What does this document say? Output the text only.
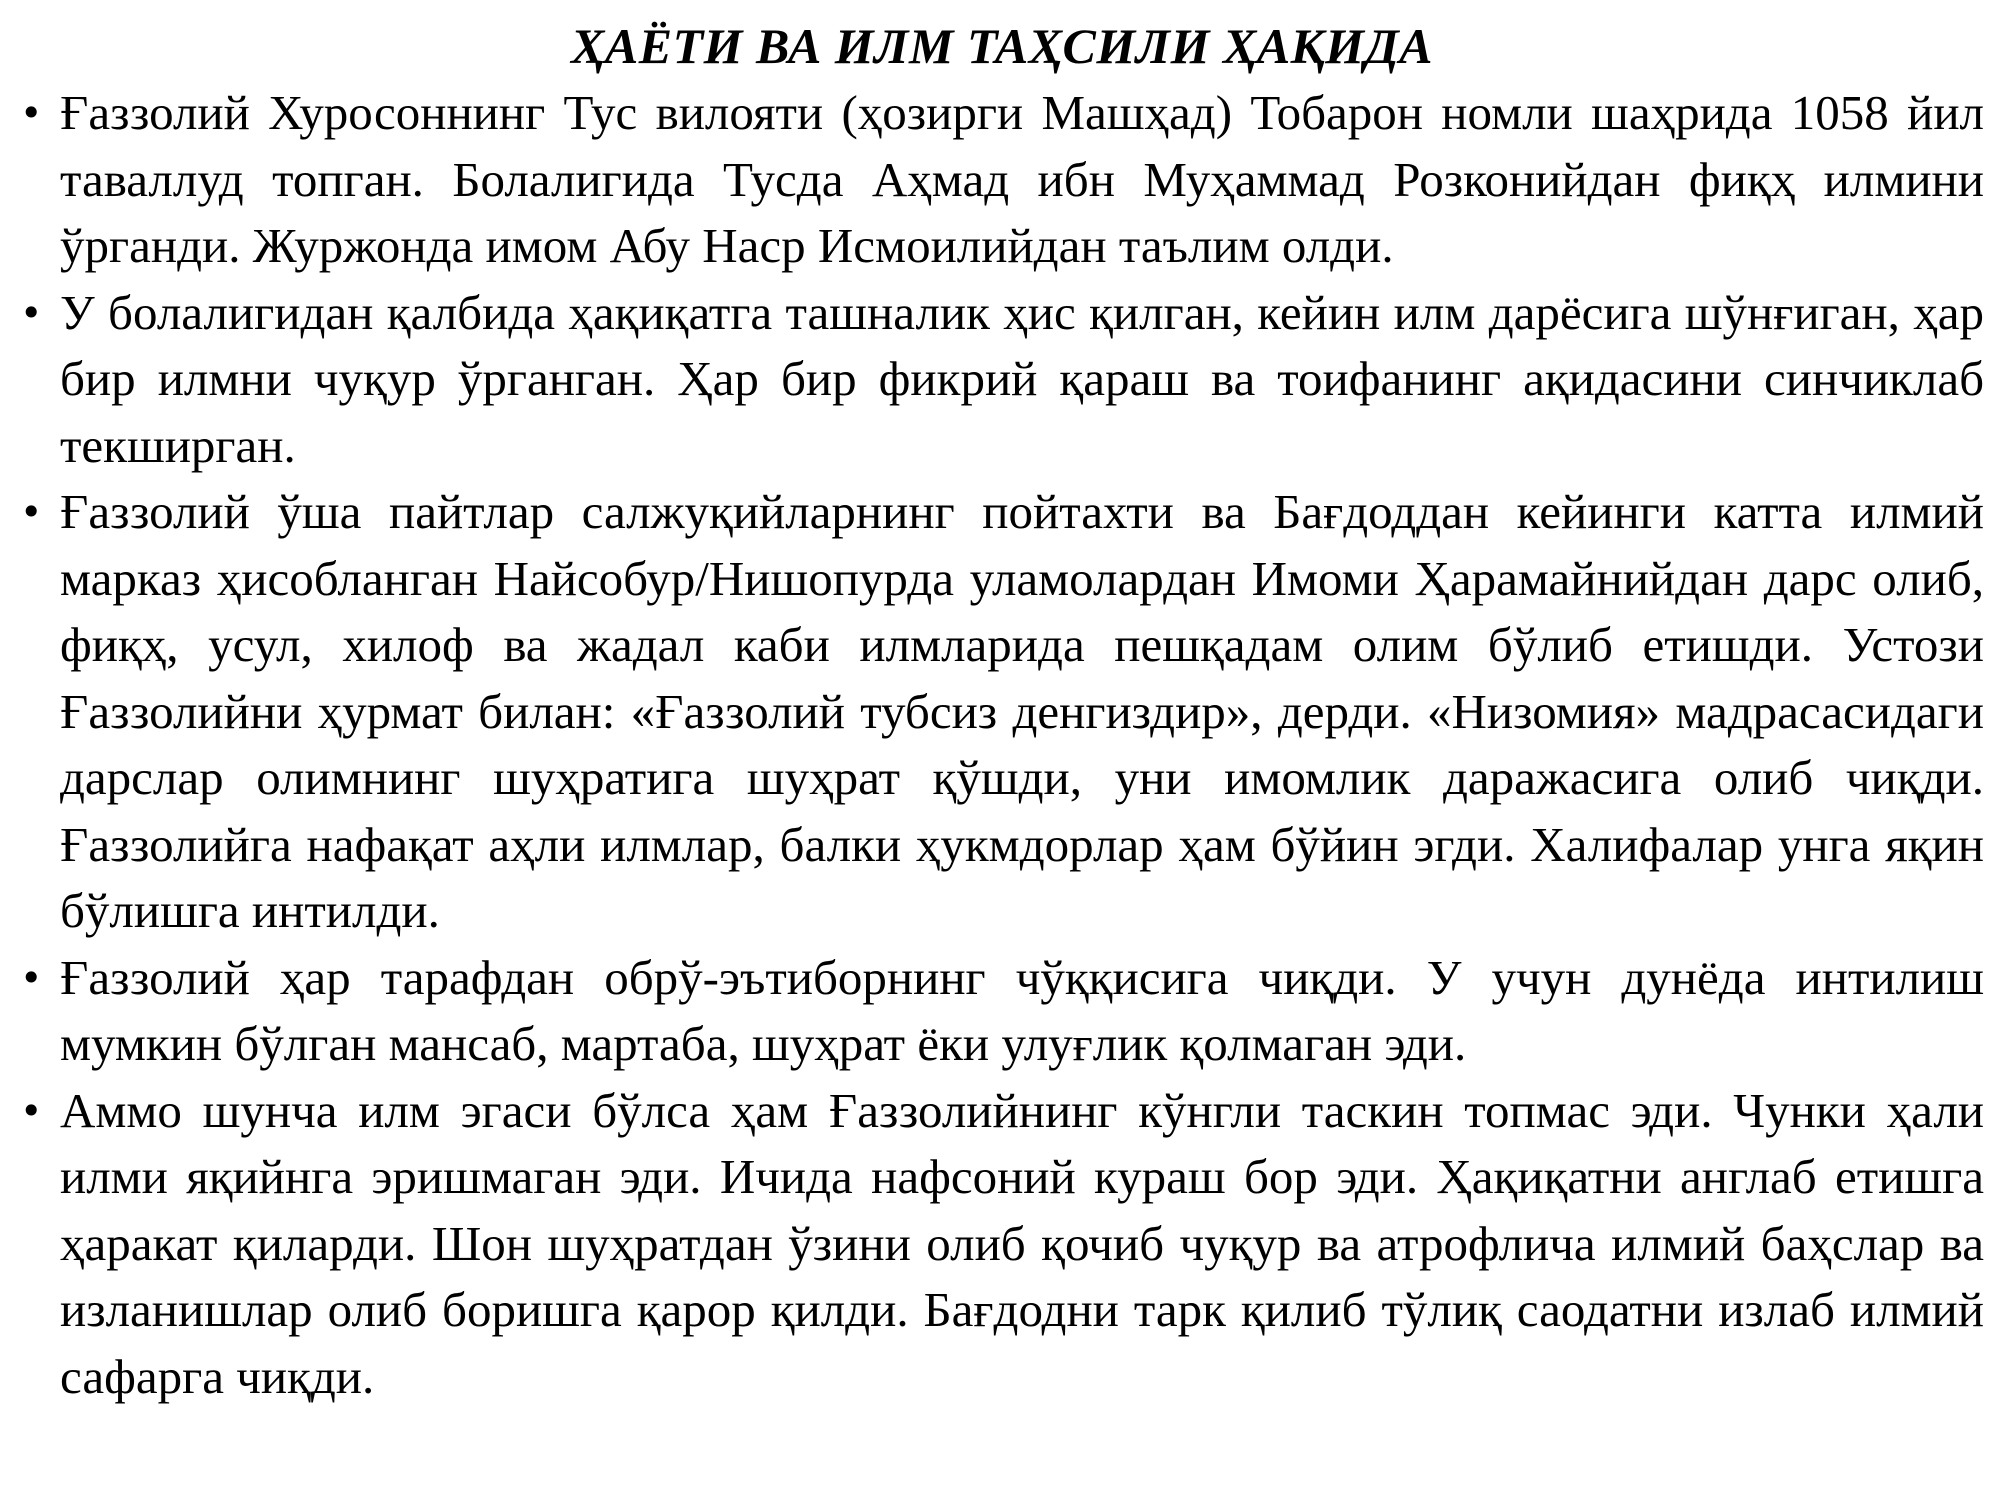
ҲАЁТИ ВА ИЛМ ТАҲСИЛИ ҲАҚИДА
• Ғаззолий Хуросоннинг Тус вилояти (ҳозирги Машҳад) Тобарон номли шаҳрида 1058 йил таваллуд топган. Болалигида Тусда Аҳмад ибн Муҳаммад Розконийдан фиқҳ илмини ўрганди. Журжонда имом Абу Наср Исмоилийдан таълим олди.
• У болалигидан қалбида ҳақиқатга ташналик ҳис қилган, кейин илм дарёсига шўнғиган, ҳар бир илмни чуқур ўрганган. Ҳар бир фикрий қараш ва тоифанинг ақидасини синчиклаб текширган.
• Ғаззолий ўша пайтлар салжуқийларнинг пойтахти ва Бағдоддан кейинги катта илмий марказ ҳисобланган Найсобур/Нишопурда уламолардан Имоми Ҳарамайнийдан дарс олиб, фиқҳ, усул, хилоф ва жадал каби илмларида пешқадам олим бўлиб етишди. Устози Ғаззолийни ҳурмат билан: «Ғаззолий тубсиз денгиздир», дерди. «Низомия» мадрасасидаги дарслар олимнинг шуҳратига шуҳрат қўшди, уни имомлик даражасига олиб чиқди. Ғаззолийга нафақат аҳли илмлар, балки ҳукмдорлар ҳам бўйин эгди. Халифалар унга яқин бўлишга интилди.
• Ғаззолий ҳар тарафдан обрў-эътиборнинг чўққисига чиқди. У учун дунёда интилиш мумкин бўлган мансаб, мартаба, шуҳрат ёки улуғлик қолмаган эди.
• Аммо шунча илм эгаси бўлса ҳам Ғаззолийнинг кўнгли таскин топмас эди. Чунки ҳали илми яқийнга эришмаган эди. Ичида нафсоний кураш бор эди. Ҳақиқатни англаб етишга ҳаракат қиларди. Шон шуҳратдан ўзини олиб қочиб чуқур ва атрофлича илмий баҳслар ва изланишлар олиб боришга қарор қилди. Бағдодни тарк қилиб тўлиқ саодатни излаб илмий сафарга чиқди.
